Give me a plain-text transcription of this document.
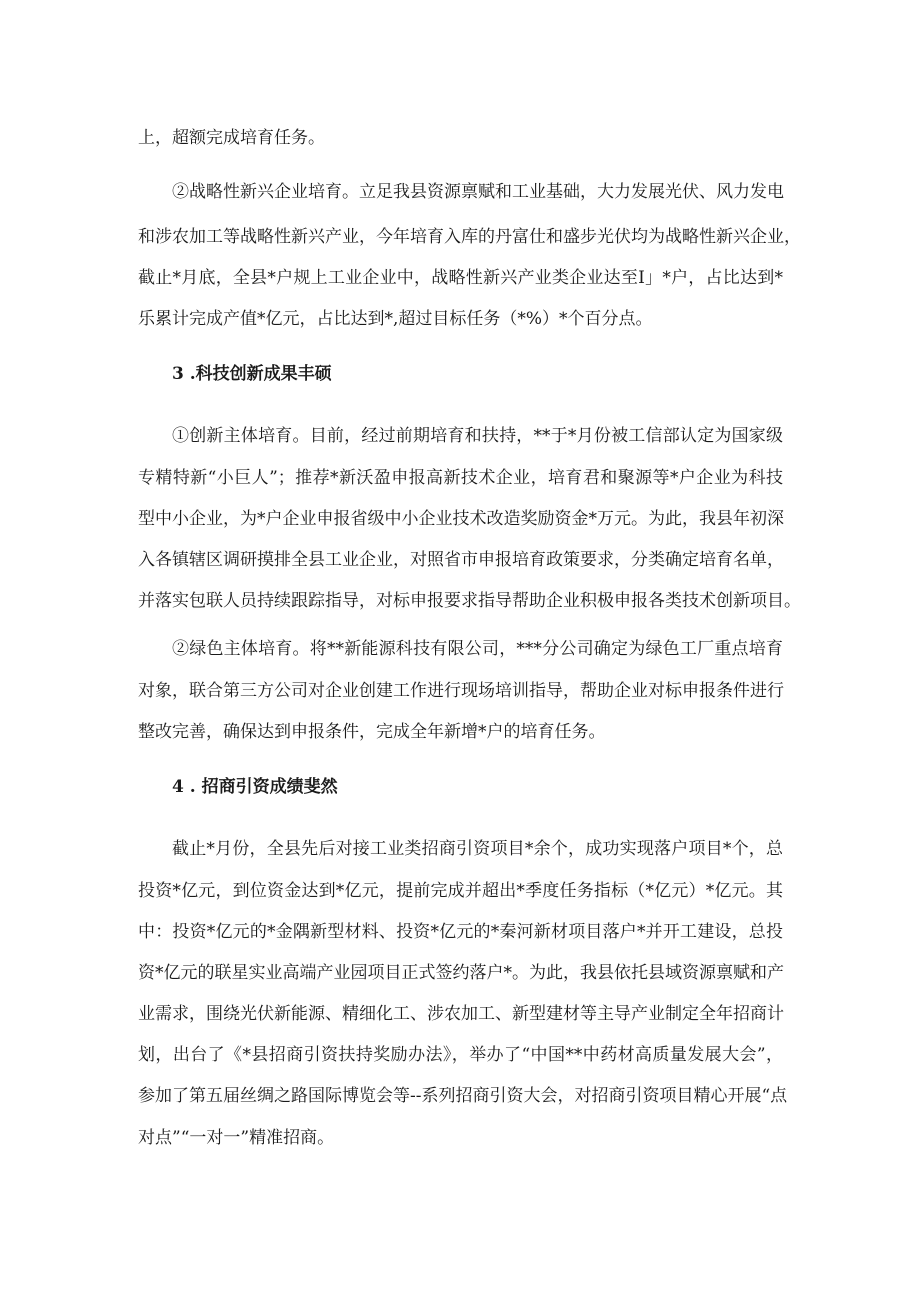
上，超额完成培育任务。
②战略性新兴企业培育。立足我县资源禀赋和工业基础，大力发展光伏、风力发电
和涉农加工等战略性新兴产业，今年培育入库的丹富仕和盛步光伏均为战略性新兴企业，
截止*月底，全县*户规上工业企业中，战略性新兴产业类企业达至I」*户，占比达到*
乐累计完成产值*亿元，占比达到*,超过目标任务（*%）*个百分点。
3 .科技创新成果丰硕
①创新主体培育。目前，经过前期培育和扶持，**于*月份被工信部认定为国家级
专精特新“小巨人”；推荐*新沃盈申报高新技术企业，培育君和聚源等*户企业为科技
型中小企业，为*户企业申报省级中小企业技术改造奖励资金*万元。为此，我县年初深
入各镇辖区调研摸排全县工业企业，对照省市申报培育政策要求，分类确定培育名单，
并落实包联人员持续跟踪指导，对标申报要求指导帮助企业积极申报各类技术创新项目。
②绿色主体培育。将**新能源科技有限公司，***分公司确定为绿色工厂重点培育
对象，联合第三方公司对企业创建工作进行现场培训指导，帮助企业对标申报条件进行
整改完善，确保达到申报条件，完成全年新增*户的培育任务。
4 . 招商引资成绩斐然
截止*月份，全县先后对接工业类招商引资项目*余个，成功实现落户项目*个，总
投资*亿元，到位资金达到*亿元，提前完成并超出*季度任务指标（*亿元）*亿元。其
中：投资*亿元的*金隅新型材料、投资*亿元的*秦河新材项目落户*并开工建设，总投
资*亿元的联星实业高端产业园项目正式签约落户*。为此，我县依托县域资源禀赋和产
业需求，围绕光伏新能源、精细化工、涉农加工、新型建材等主导产业制定全年招商计
划，出台了《*县招商引资扶持奖励办法》，举办了“中国**中药材高质量发展大会”，
参加了第五届丝绸之路国际博览会等--系列招商引资大会，对招商引资项目精心开展“点
对点”“一对一”精准招商。
